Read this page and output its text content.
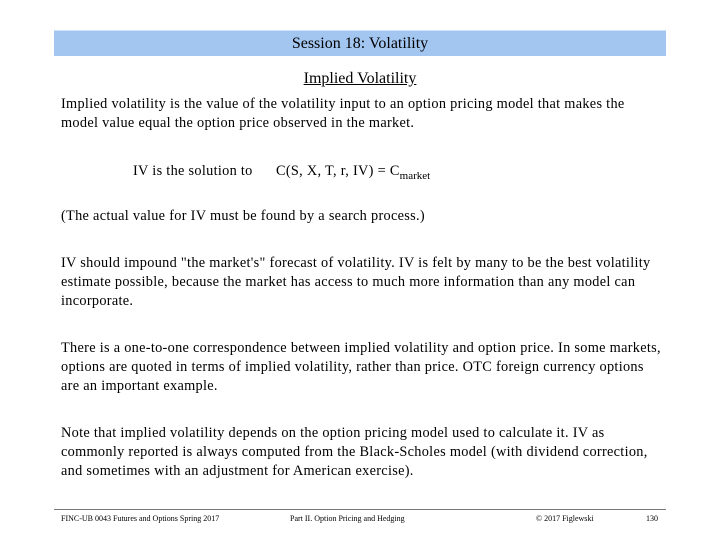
Session 18: Volatility
Implied Volatility
Implied volatility is the value of the volatility input to an option pricing model that makes the model value equal the option price observed in the market.
IV is the solution to C(S, X, T, r, $IV) = C_{market}$
(The actual value for IV must be found by a search process.)
IV should impound "the market's" forecast of volatility. IV is felt by many to be the best volatility estimate possible, because the market has access to much more information than any model can incorporate.
There is a one-to-one correspondence between implied volatility and option price. In some markets, options are quoted in terms of implied volatility, rather than price. OTC foreign currency options are an important example.
Note that implied volatility depends on the option pricing model used to calculate it. IV as commonly reported is always computed from the Black-Scholes model (with dividend correction, and sometimes with an adjustment for American exercise).
FINC-UB 0043 Futures and Options Spring 2017	Part II. Option Pricing and Hedging	© 2017 Figlewski	130
